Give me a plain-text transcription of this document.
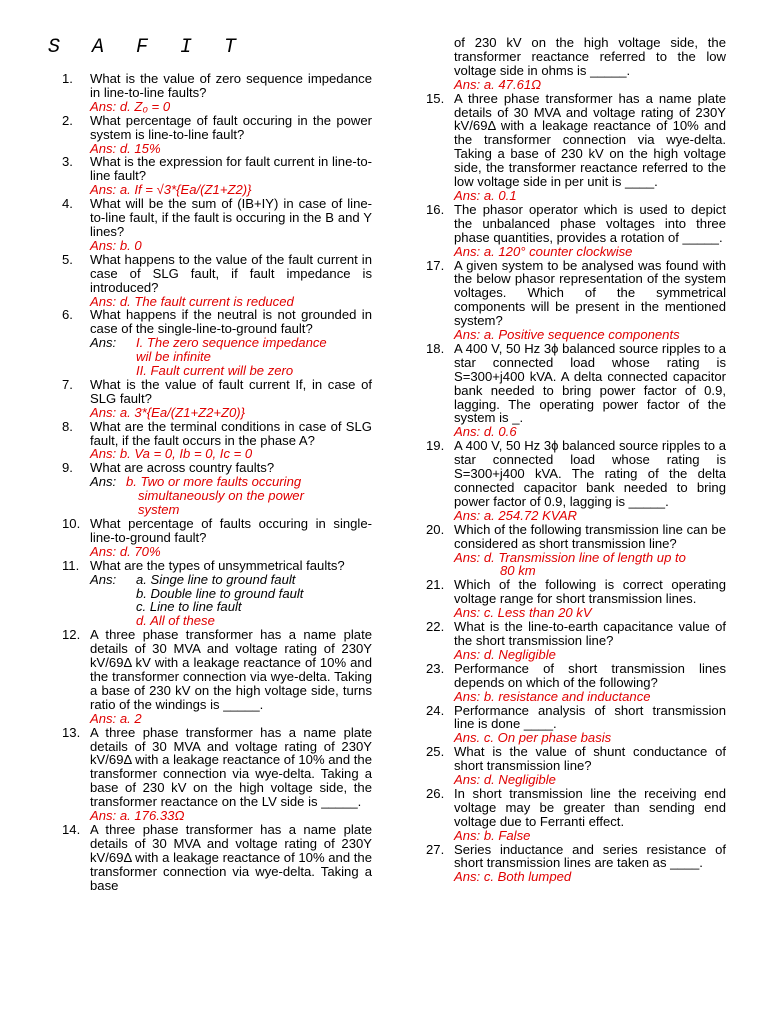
S A F I T
1. What is the value of zero sequence impedance in line-to-line faults?
Ans: d. Z₀ = 0
2. What percentage of fault occuring in the power system is line-to-line fault?
Ans: d. 15%
3. What is the expression for fault current in line-to-line fault?
Ans: a. If = √3*{Ea/(Z1+Z2)}
4. What will be the sum of (IB+IY) in case of line-to-line fault, if the fault is occuring in the B and Y lines?
Ans: b. 0
5. What happens to the value of the fault current in case of SLG fault, if fault impedance is introduced?
Ans: d. The fault current is reduced
6. What happens if the neutral is not grounded in case of the single-line-to-ground fault?
Ans: I. The zero sequence impedance
wil be infinite
II. Fault current will be zero
7. What is the value of fault current If, in case of SLG fault?
Ans: a. 3*{Ea/(Z1+Z2+Z0)}
8. What are the terminal conditions in case of SLG fault, if the fault occurs in the phase A?
Ans: b. Va = 0, Ib = 0, Ic = 0
9. What are across country faults?
Ans: b. Two or more faults occuring
simultaneously on the power
system
10. What percentage of faults occuring in single-line-to-ground fault?
Ans: d. 70%
11. What are the types of unsymmetrical faults?
Ans: a. Singe line to ground fault
b. Double line to ground fault
c. Line to line fault
d. All of these
12. A three phase transformer has a name plate details of 30 MVA and voltage rating of 230Y kV/69Δ kV with a leakage reactance of 10% and the transformer connection via wye-delta. Taking a base of 230 kV on the high voltage side, turns ratio of the windings is _____.
Ans: a. 2
13. A three phase transformer has a name plate details of 30 MVA and voltage rating of 230Y kV/69Δ with a leakage reactance of 10% and the transformer connection via wye-delta. Taking a base of 230 kV on the high voltage side, the transformer reactance on the LV side is _____.
Ans: a. 176.33Ω
14. A three phase transformer has a name plate details of 30 MVA and voltage rating of 230Y kV/69Δ with a leakage reactance of 10% and the transformer connection via wye-delta. Taking a base
of 230 kV on the high voltage side, the transformer reactance referred to the low voltage side in ohms is _____.
Ans: a. 47.61Ω
15. A three phase transformer has a name plate details of 30 MVA and voltage rating of 230Y kV/69Δ with a leakage reactance of 10% and the transformer connection via wye-delta. Taking a base of 230 kV on the high voltage side, the transformer reactance referred to the low voltage side in per unit is ____.
Ans: a. 0.1
16. The phasor operator which is used to depict the unbalanced phase voltages into three phase quantities, provides a rotation of _____.
Ans: a. 120° counter clockwise
17. A given system to be analysed was found with the below phasor representation of the system voltages. Which of the symmetrical components will be present in the mentioned system?
Ans: a. Positive sequence components
18. A 400 V, 50 Hz 3ϕ balanced source ripples to a star connected load whose rating is S=300+j400 kVA. A delta connected capacitor bank needed to bring power factor of 0.9, lagging. The operating power factor of the system is _.
Ans: d. 0.6
19. A 400 V, 50 Hz 3ϕ balanced source ripples to a star connected load whose rating is S=300+j400 kVA. The rating of the delta connected capacitor bank needed to bring power factor of 0.9, lagging is _____.
Ans: a. 254.72 KVAR
20. Which of the following transmission line can be considered as short transmission line?
Ans: d. Transmission line of length up to
80 km
21. Which of the following is correct operating voltage range for short transmission lines.
Ans: c. Less than 20 kV
22. What is the line-to-earth capacitance value of the short transmission line?
Ans: d. Negligible
23. Performance of short transmission lines depends on which of the following?
Ans: b. resistance and inductance
24. Performance analysis of short transmission line is done ____.
Ans. c. On per phase basis
25. What is the value of shunt conductance of short transmission line?
Ans: d. Negligible
26. In short transmission line the receiving end voltage may be greater than sending end voltage due to Ferranti effect.
Ans: b. False
27. Series inductance and series resistance of short transmission lines are taken as ____.
Ans: c. Both lumped
